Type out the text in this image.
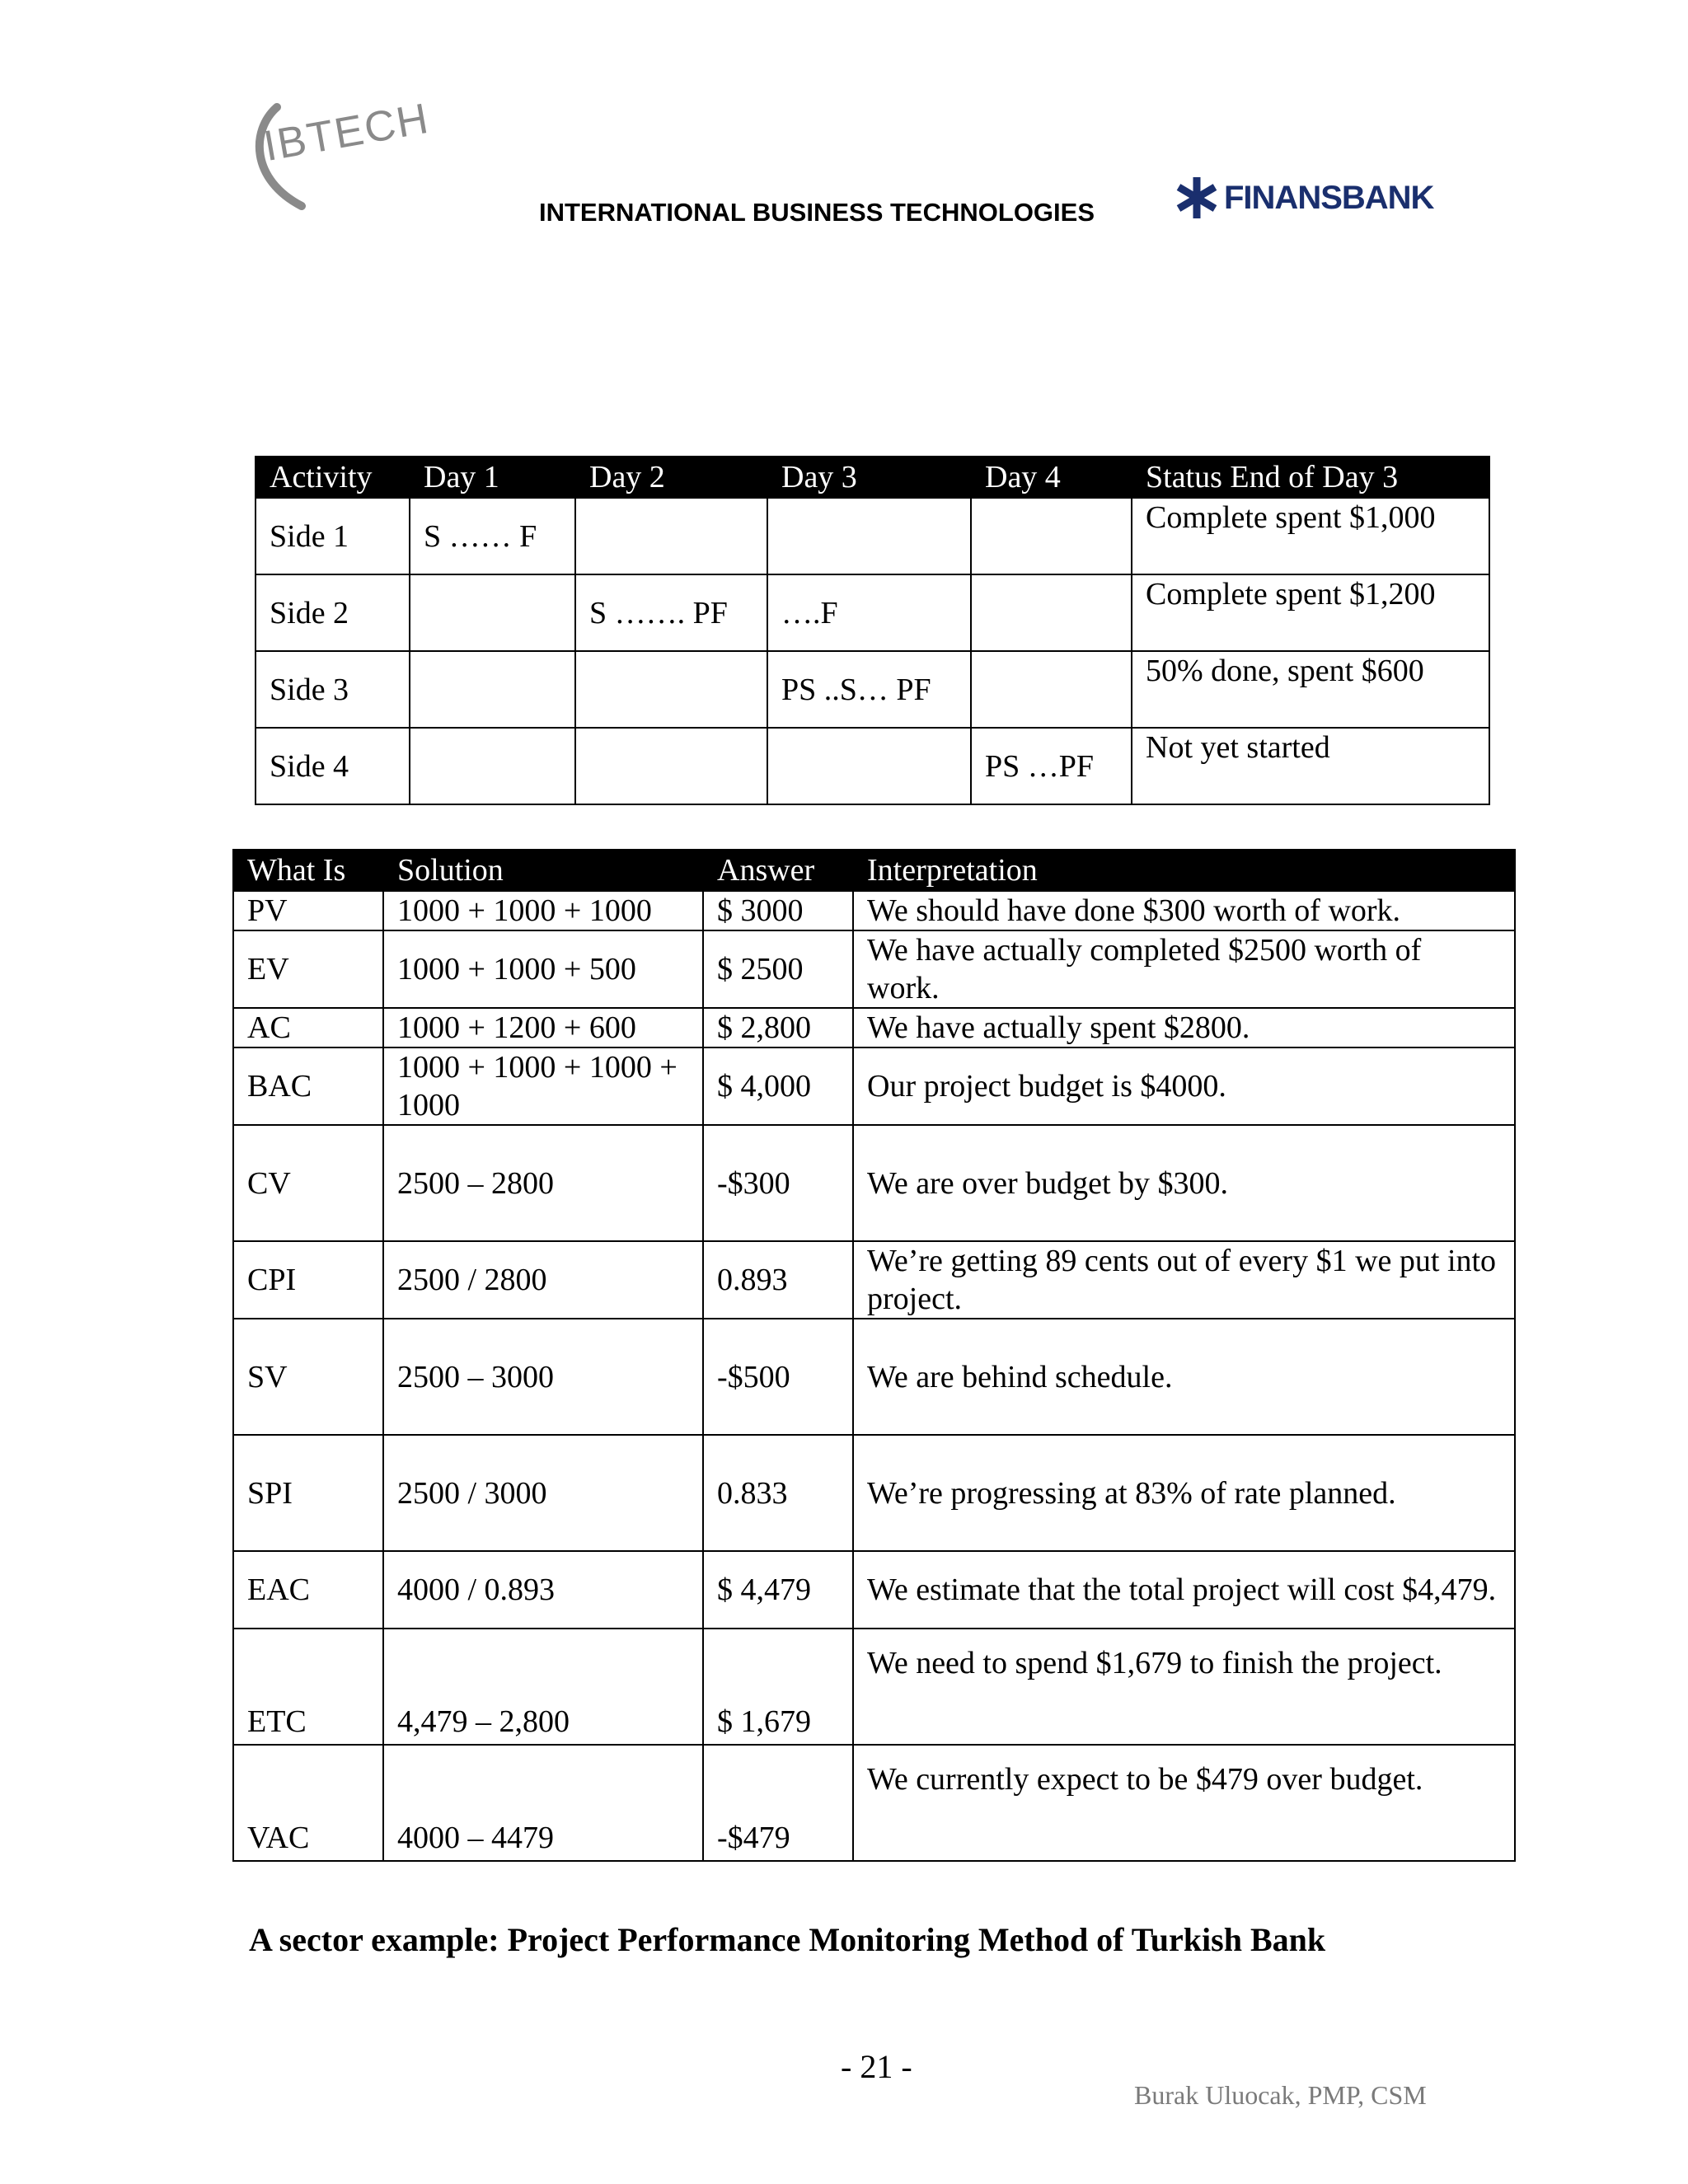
IBTECH
INTERNATIONAL BUSINESS TECHNOLOGIES	FINANSBANK
Activity	Day 1	Day 2	Day 3	Day 4	Status End of Day 3
Side 1	S …… F				Complete spent $1,000
Side 2		S ……. PF	….F		Complete spent $1,200
Side 3			PS ..S… PF		50% done, spent $600
Side 4				PS …PF	Not yet started
What Is	Solution	Answer	Interpretation
PV	1000 + 1000 + 1000	$ 3000	We should have done $300 worth of work.
EV	1000 + 1000 + 500	$ 2500	We have actually completed $2500 worth of work.
AC	1000 + 1200 + 600	$ 2,800	We have actually spent $2800.
BAC	1000 + 1000 + 1000 + 1000	$ 4,000	Our project budget is $4000.
CV	2500 – 2800	-$300	We are over budget by $300.
CPI	2500 / 2800	0.893	We’re getting 89 cents out of every $1 we put into project.
SV	2500 – 3000	-$500	We are behind schedule.
SPI	2500 / 3000	0.833	We’re progressing at 83% of rate planned.
EAC	4000 / 0.893	$ 4,479	We estimate that the total project will cost $4,479.
ETC	4,479 – 2,800	$ 1,679	We need to spend $1,679 to finish the project.
VAC	4000 – 4479	-$479	We currently expect to be $479 over budget.
A sector example: Project Performance Monitoring Method of Turkish Bank
- 21 -
Burak Uluocak, PMP, CSM
